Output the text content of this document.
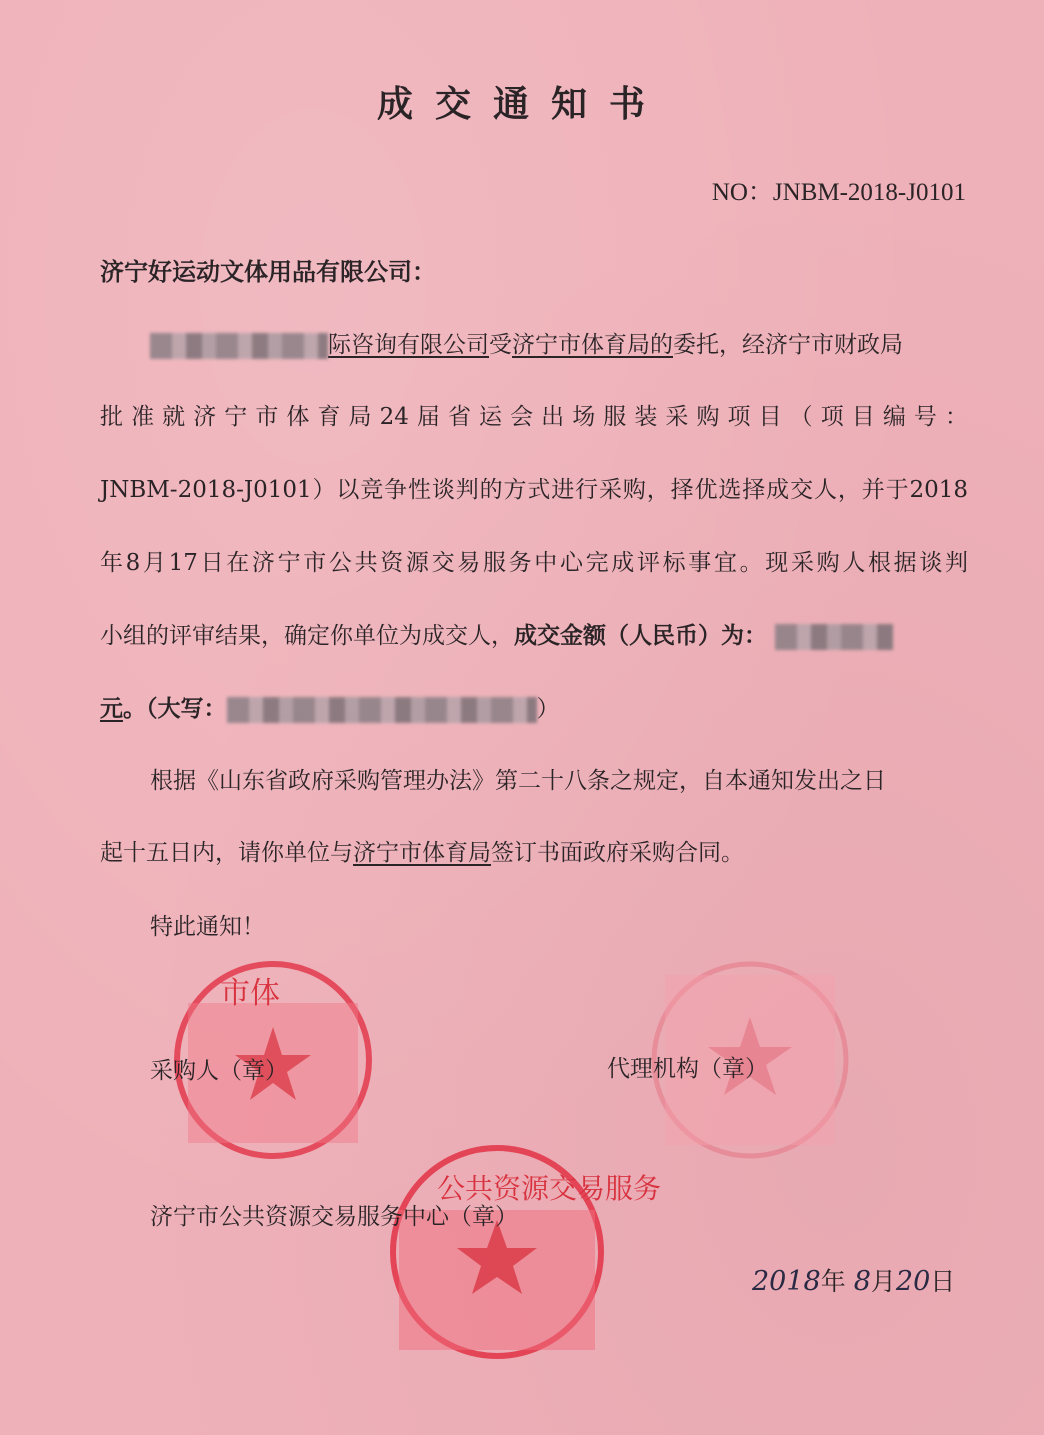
成交通知书
NO：JNBM-2018-J0101
济宁好运动文体用品有限公司：
际咨询有限公司受济宁市体育局的委托，经济宁市财政局
批准就济宁市体育局24届省运会出场服装采购项目（项目编号：
JNBM-2018-J0101）以竞争性谈判的方式进行采购，择优选择成交人，并于2018
年8月17日在济宁市公共资源交易服务中心完成评标事宜。现采购人根据谈判
小组的评审结果，确定你单位为成交人，成交金额（人民币）为：
元。（大写：	）
根据《山东省政府采购管理办法》第二十八条之规定，自本通知发出之日
起十五日内，请你单位与济宁市体育局签订书面政府采购合同。
特此通知！
市体
公共资源交易服务
采购人（章）	代理机构（章）
济宁市公共资源交易服务中心（章）
2018年 8月20日
